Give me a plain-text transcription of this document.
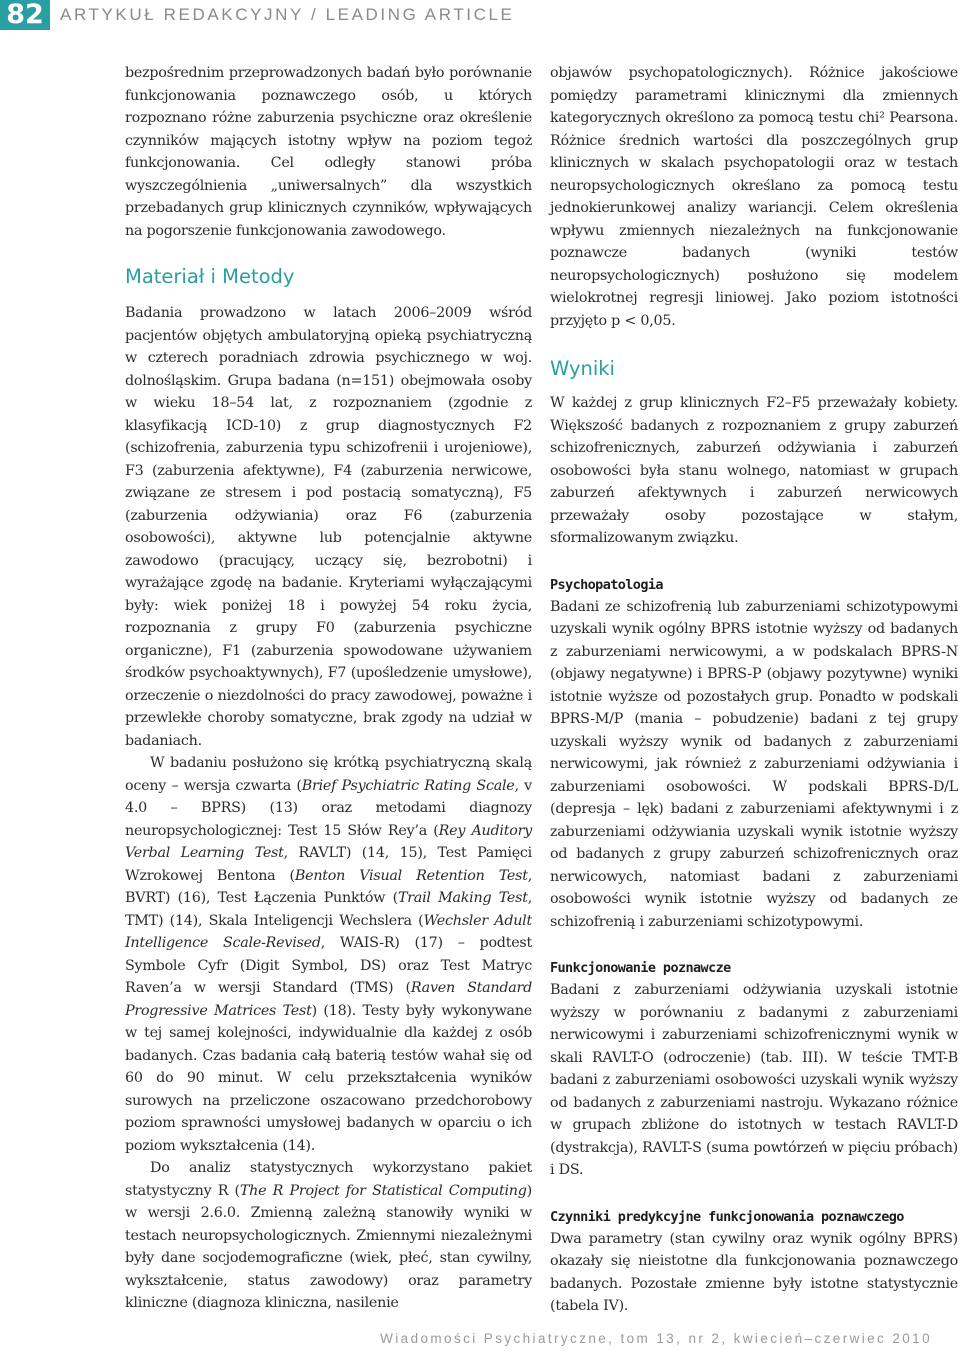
82 ARTYKUŁ REDAKCYJNY / LEADING ARTICLE

bezpośrednim przeprowadzonych badań było porównanie funkcjonowania poznawczego osób, u których rozpoznano różne zaburzenia psychiczne oraz określenie czynników mających istotny wpływ na poziom tegoż funkcjonowania. Cel odległy stanowi próba wyszczególnienia „uniwersalnych” dla wszystkich przebadanych grup klinicznych czynników, wpływających na pogorszenie funkcjonowania zawodowego.

Materiał i Metody

Badania prowadzono w latach 2006–2009 wśród pacjentów objętych ambulatoryjną opieką psychiatryczną w czterech poradniach zdrowia psychicznego w woj. dolnośląskim. Grupa badana (n=151) obejmowała osoby w wieku 18–54 lat, z rozpoznaniem (zgodnie z klasyfikacją ICD-10) z grup diagnostycznych F2 (schizofrenia, zaburzenia typu schizofrenii i urojeniowe), F3 (zaburzenia afektywne), F4 (zaburzenia nerwicowe, związane ze stresem i pod postacią somatyczną), F5 (zaburzenia odżywiania) oraz F6 (zaburzenia osobowości), aktywne lub potencjalnie aktywne zawodowo (pracujący, uczący się, bezrobotni) i wyrażające zgodę na badanie. Kryteriami wyłączającymi były: wiek poniżej 18 i powyżej 54 roku życia, rozpoznania z grupy F0 (zaburzenia psychiczne organiczne), F1 (zaburzenia spowodowane używaniem środków psychoaktywnych), F7 (upośledzenie umysłowe), orzeczenie o niezdolności do pracy zawodowej, poważne i przewlekłe choroby somatyczne, brak zgody na udział w badaniach.

W badaniu posłużono się krótką psychiatryczną skalą oceny – wersja czwarta (Brief Psychiatric Rating Scale, v 4.0 – BPRS) (13) oraz metodami diagnozy neuropsychologicznej: Test 15 Słów Rey’a (Rey Auditory Verbal Learning Test, RAVLT) (14, 15), Test Pamięci Wzrokowej Bentona (Benton Visual Retention Test, BVRT) (16), Test Łączenia Punktów (Trail Making Test, TMT) (14), Skala Inteligencji Wechslera (Wechsler Adult Intelligence Scale-Revised, WAIS-R) (17) – podtest Symbole Cyfr (Digit Symbol, DS) oraz Test Matryc Raven’a w wersji Standard (TMS) (Raven Standard Progressive Matrices Test) (18). Testy były wykonywane w tej samej kolejności, indywidualnie dla każdej z osób badanych. Czas badania całą baterią testów wahał się od 60 do 90 minut. W celu przekształcenia wyników surowych na przeliczone oszacowano przedchorobowy poziom sprawności umysłowej badanych w oparciu o ich poziom wykształcenia (14).

Do analiz statystycznych wykorzystano pakiet statystyczny R (The R Project for Statistical Computing) w wersji 2.6.0. Zmienną zależną stanowiły wyniki w testach neuropsychologicznych. Zmiennymi niezależnymi były dane socjodemograficzne (wiek, płeć, stan cywilny, wykształcenie, status zawodowy) oraz parametry kliniczne (diagnoza kliniczna, nasilenie

objawów psychopatologicznych). Różnice jakościowe pomiędzy parametrami klinicznymi dla zmiennych kategorycznych określono za pomocą testu chi² Pearsona. Różnice średnich wartości dla poszczególnych grup klinicznych w skalach psychopatologii oraz w testach neuropsychologicznych określano za pomocą testu jednokierunkowej analizy wariancji. Celem określenia wpływu zmiennych niezależnych na funkcjonowanie poznawcze badanych (wyniki testów neuropsychologicznych) posłużono się modelem wielokrotnej regresji liniowej. Jako poziom istotności przyjęto p < 0,05.

Wyniki

W każdej z grup klinicznych F2–F5 przeważały kobiety. Większość badanych z rozpoznaniem z grupy zaburzeń schizofrenicznych, zaburzeń odżywiania i zaburzeń osobowości była stanu wolnego, natomiast w grupach zaburzeń afektywnych i zaburzeń nerwicowych przeważały osoby pozostające w stałym, sformalizowanym związku.

Psychopatologia

Badani ze schizofrenią lub zaburzeniami schizotypowymi uzyskali wynik ogólny BPRS istotnie wyższy od badanych z zaburzeniami nerwicowymi, a w podskalach BPRS-N (objawy negatywne) i BPRS-P (objawy pozytywne) wyniki istotnie wyższe od pozostałych grup. Ponadto w podskali BPRS-M/P (mania – pobudzenie) badani z tej grupy uzyskali wyższy wynik od badanych z zaburzeniami nerwicowymi, jak również z zaburzeniami odżywiania i zaburzeniami osobowości. W podskali BPRS-D/L (depresja – lęk) badani z zaburzeniami afektywnymi i z zaburzeniami odżywiania uzyskali wynik istotnie wyższy od badanych z grupy zaburzeń schizofrenicznych oraz nerwicowych, natomiast badani z zaburzeniami osobowości wynik istotnie wyższy od badanych ze schizofrenią i zaburzeniami schizotypowymi.

Funkcjonowanie poznawcze

Badani z zaburzeniami odżywiania uzyskali istotnie wyższy w porównaniu z badanymi z zaburzeniami nerwicowymi i zaburzeniami schizofrenicznymi wynik w skali RAVLT-O (odroczenie) (tab. III). W teście TMT-B badani z zaburzeniami osobowości uzyskali wynik wyższy od badanych z zaburzeniami nastroju. Wykazano różnice w grupach zbliżone do istotnych w testach RAVLT-D (dystrakcja), RAVLT-S (suma powtórzeń w pięciu próbach) i DS.

Czynniki predykcyjne funkcjonowania poznawczego

Dwa parametry (stan cywilny oraz wynik ogólny BPRS) okazały się nieistotne dla funkcjonowania poznawczego badanych. Pozostałe zmienne były istotne statystycznie (tabela IV).

Wiadomości Psychiatryczne, tom 13, nr 2, kwiecień–czerwiec 2010
